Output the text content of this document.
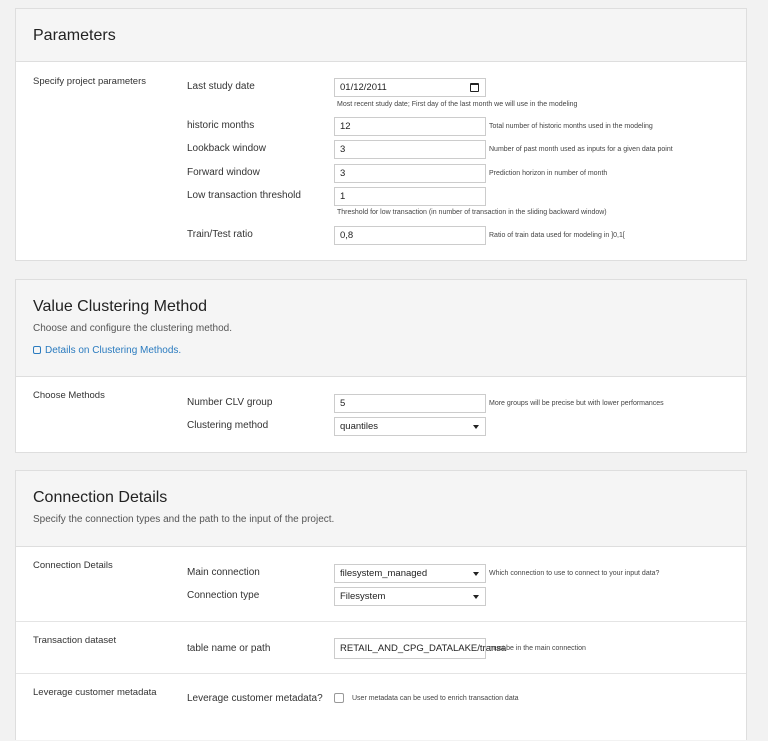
Parameters
Specify project parameters	Last study date	01/12/2011
Most recent study date; First day of the last month we will use in the modeling
historic months	12	Total number of historic months used in the modeling
Lookback window	3	Number of past month used as inputs for a given data point
Forward window	3	Prediction horizon in number of month
Low transaction threshold	1
Threshold for low transaction (in number of transaction in the sliding backward window)
Train/Test ratio	0,8	Ratio of train data used for modeling in ]0,1[
Value Clustering Method
Choose and configure the clustering method.
Details on Clustering Methods.
Choose Methods
Number CLV group	5	More groups will be precise but with lower performances
Clustering method	quantiles
Connection Details
Specify the connection types and the path to the input of the project.
Connection Details
Main connection	filesystem_managed	Which connection to use to connect to your input data?
Connection type	Filesystem
Transaction dataset
table name or path	RETAIL_AND_CPG_DATALAKE/transa
must be in the main connection
Leverage customer metadata
Leverage customer metadata?	User metadata can be used to enrich transaction data
